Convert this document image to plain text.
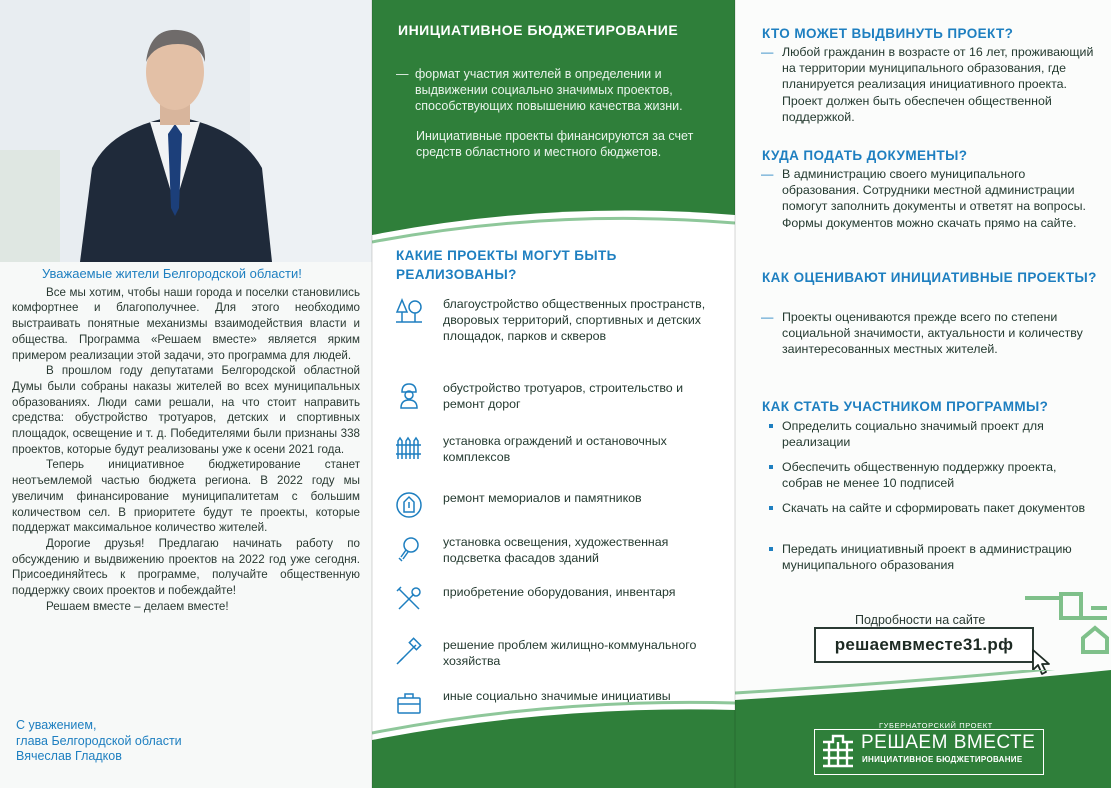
Уважаемые жители Белгородской области!

Все мы хотим, чтобы наши города и поселки становились комфортнее и благополучнее. Для этого необходимо выстраивать понятные механизмы взаимодействия власти и общества. Программа «Решаем вместе» является ярким примером реализации этой задачи, это программа для людей.

В прошлом году депутатами Белгородской областной Думы были собраны наказы жителей во всех муниципальных образованиях. Люди сами решали, на что стоит направить средства: обустройство тротуаров, детских и спортивных площадок, освещение и т. д. Победителями были признаны 338 проектов, которые будут реализованы уже к осени 2021 года.

Теперь инициативное бюджетирование станет неотъемлемой частью бюджета региона. В 2022 году мы увеличим финансирование муниципалитетам с большим количеством сел. В приоритете будут те проекты, которые поддержат максимальное количество жителей.

Дорогие друзья! Предлагаю начинать работу по обсуждению и выдвижению проектов на 2022 год уже сегодня. Присоединяйтесь к программе, получайте общественную поддержку своих проектов и побеждайте!

Решаем вместе – делаем вместе!

С уважением,
глава Белгородской области
Вячеслав Гладков
ИНИЦИАТИВНОЕ БЮДЖЕТИРОВАНИЕ
— формат участия жителей в определении и выдвижении социально значимых проектов, способствующих повышению качества жизни.
Инициативные проекты финансируются за счет средств областного и местного бюджетов.
КАКИЕ ПРОЕКТЫ МОГУТ БЫТЬ РЕАЛИЗОВАНЫ?
благоустройство общественных пространств, дворовых территорий, спортивных и детских площадок, парков и скверов
обустройство тротуаров, строительство и ремонт дорог
установка ограждений и остановочных комплексов
ремонт мемориалов и памятников
установка освещения, художественная подсветка фасадов зданий
приобретение оборудования, инвентаря
решение проблем жилищно-коммунального хозяйства
иные социально значимые инициативы
КТО МОЖЕТ ВЫДВИНУТЬ ПРОЕКТ?
— Любой гражданин в возрасте от 16 лет, проживающий на территории муниципального образования, где планируется реализация инициативного проекта. Проект должен быть обеспечен общественной поддержкой.
КУДА ПОДАТЬ ДОКУМЕНТЫ?
— В администрацию своего муниципального образования. Сотрудники местной администрации помогут заполнить документы и ответят на вопросы. Формы документов можно скачать прямо на сайте.
КАК ОЦЕНИВАЮТ ИНИЦИАТИВНЫЕ ПРОЕКТЫ?
— Проекты оцениваются прежде всего по степени социальной значимости, актуальности и количеству заинтересованных местных жителей.
КАК СТАТЬ УЧАСТНИКОМ ПРОГРАММЫ?
Определить социально значимый проект для реализации
Обеспечить общественную поддержку проекта, собрав не менее 10 подписей
Скачать на сайте и сформировать пакет документов
Передать инициативный проект в администрацию муниципального образования
Подробности на сайте
решаемвместе31.рф
ГУБЕРНАТОРСКИЙ ПРОЕКТ
РЕШАЕМ ВМЕСТЕ
ИНИЦИАТИВНОЕ БЮДЖЕТИРОВАНИЕ
